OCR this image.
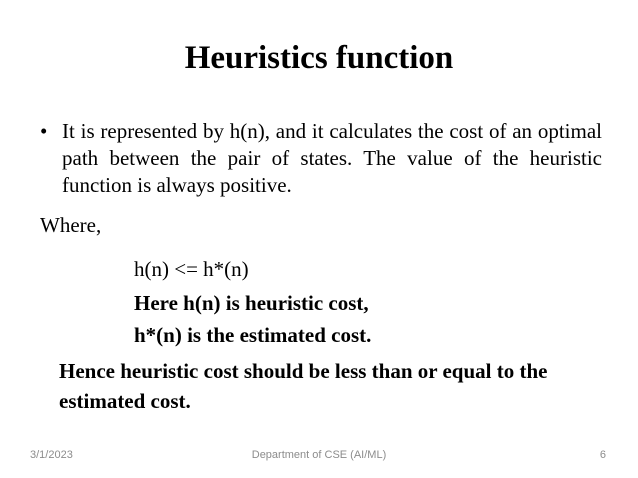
Heuristics function
• It is represented by h(n), and it calculates the cost of an optimal path between the pair of states. The value of the heuristic function is always positive.
Where,
h(n) <= h*(n)
Here h(n) is heuristic cost,
h*(n) is the estimated cost.
Hence heuristic cost should be less than or equal to the estimated cost.
Department of CSE (AI/ML)
3/1/2023	6
